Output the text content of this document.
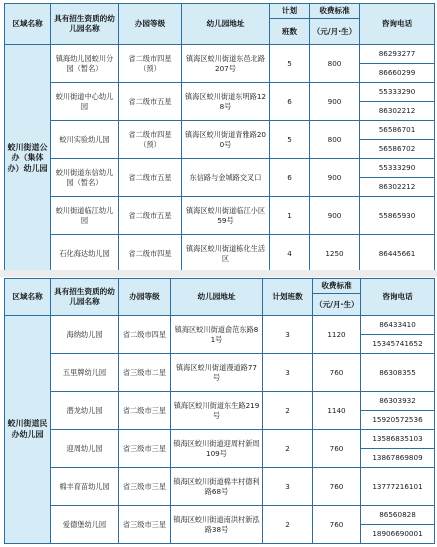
区域名称	具有招生资质的幼儿园名称	办园等级	幼儿园地址	计划	收费标准	咨询电话
				班数	（元/月·生）	
蛟川街道公办（集体办）幼儿园	镇海幼儿园蛟川分园（暂名）	省二级市四星（预）	镇海区蛟川街道东邑北路207号	5	800	86293277
						86660299
	蛟川街道中心幼儿园	省二级市五星	镇海区蛟川街道东明路128号	6	900	55333290
						86302212
	蛟川实验幼儿园	省二级市四星（预）	镇海区蛟川街道青雅路200号	5	800	56586701
						56586702
	蛟川街道东信幼儿园（暂名）	省二级市五星	东信路与金城路交叉口	6	900	55333290
						86302212
	蛟川街道临江幼儿园	省二级市五星	镇海区蛟川街道临江小区59号	1	900	55865930

	石化海达幼儿园	省二级市四星	镇海区蛟川街道栋化生活区	4	1250	86445661

区域名称	具有招生资质的幼儿园名称	办园等级	幼儿园地址	计划班数	收费标准	咨询电话
					（元/月·生）	
蛟川街道民办幼儿园	海纳幼儿园	省二级市四星	镇海区蛟川街道俞范东路81号	3	1120	86433410
						15345741652
	五里牌幼儿园	省三级市二星	镇海区蛟川街道漫道路77号	3	760	86308355

	潜龙幼儿园	省二级市三星	镇海区蛟川街道东生路219号	2	1140	86303932
						15920572536
	迎周幼儿园	省三级市三星	镇海区蛟川街道迎周村新周109号	2	760	13586835103
						13867869809
	棉丰育苗幼儿园	省三级市三星	镇海区蛟川街道棉丰村德利路68号	3	760	13777216101

	爱德堡幼儿园	省三级市三星	镇海区蛟川街道南洪村新泓路38号	2	760	86560828
						18906690001
